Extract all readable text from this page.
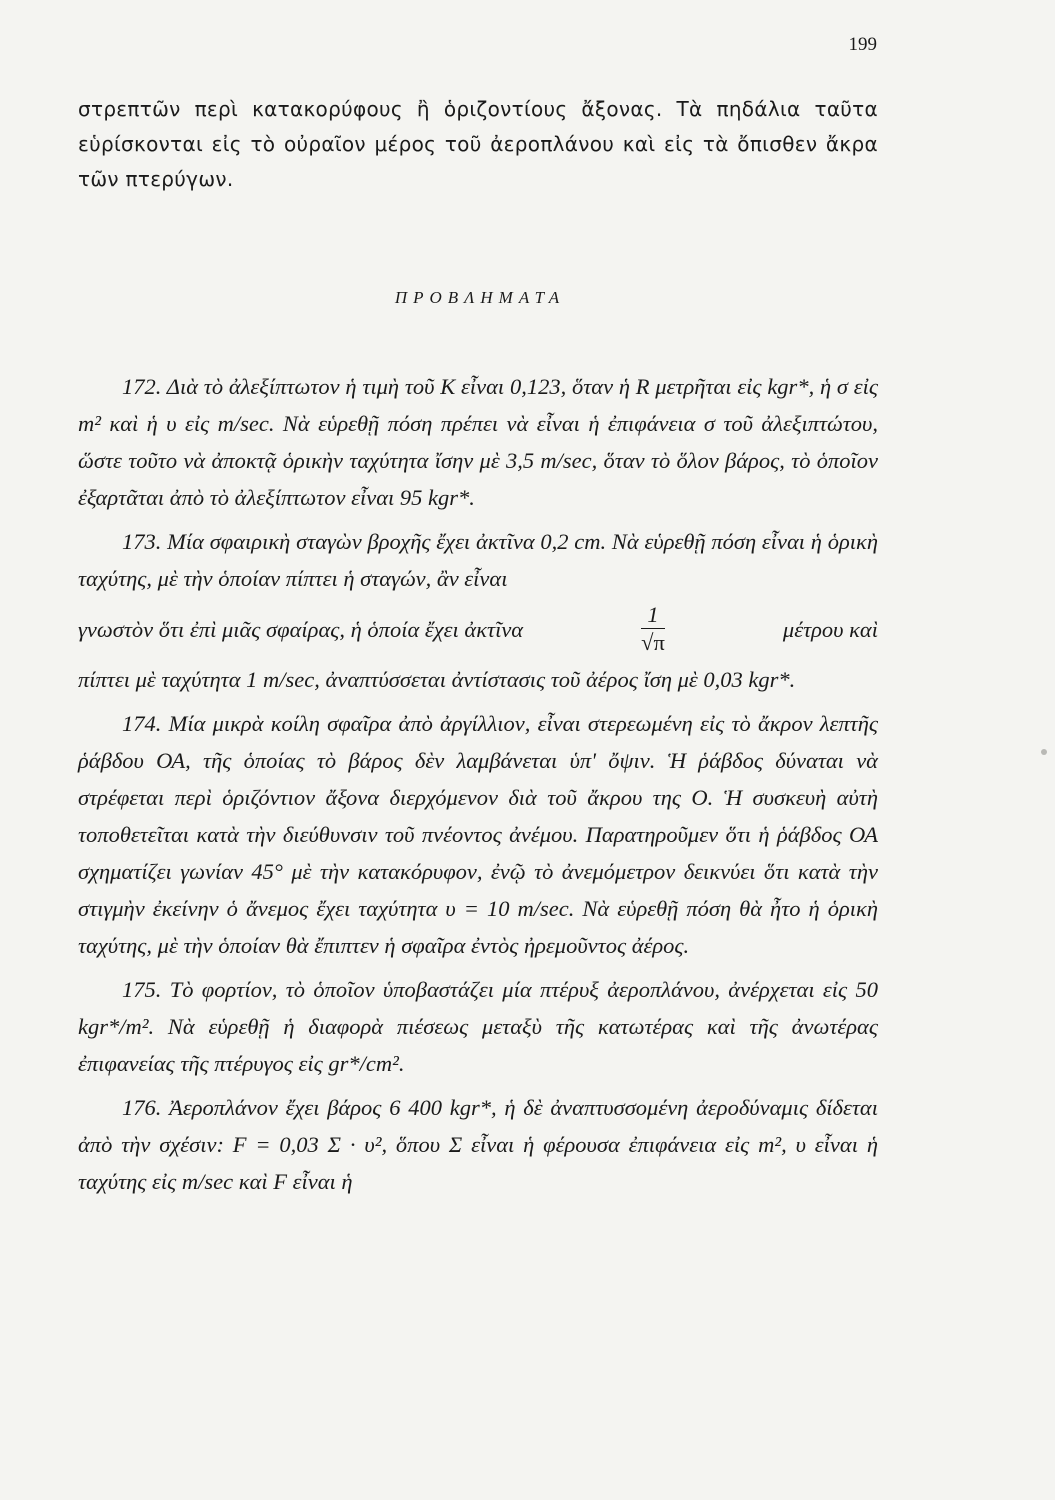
199
στρεπτῶν περὶ κατακορύφους ἢ ὁριζοντίους ἄξονας. Τὰ πηδάλια ταῦτα εὑρίσκονται εἰς τὸ οὐραῖον μέρος τοῦ ἀεροπλάνου καὶ εἰς τὰ ὄπισθεν ἄκρα τῶν πτερύγων.
ΠΡΟΒΛΗΜΑΤΑ

172. Διὰ τὸ ἀλεξίπτωτον ἡ τιμὴ τοῦ K εἶναι 0,123, ὅταν ἡ R μετρῆται εἰς kgr*, ἡ σ εἰς m² καὶ ἡ υ εἰς m/sec. Νὰ εὑρεθῇ πόση πρέπει νὰ εἶναι ἡ ἐπιφάνεια σ τοῦ ἀλεξιπτώτου, ὥστε τοῦτο νὰ ἀποκτᾷ ὁρικὴν ταχύτητα ἴσην μὲ 3,5 m/sec, ὅταν τὸ ὅλον βάρος, τὸ ὁποῖον ἐξαρτᾶται ἀπὸ τὸ ἀλεξίπτωτον εἶναι 95 kgr*.

173. Μία σφαιρικὴ σταγὼν βροχῆς ἔχει ἀκτῖνα 0,2 cm. Νὰ εὑρεθῇ πόση εἶναι ἡ ὁρικὴ ταχύτης, μὲ τὴν ὁποίαν πίπτει ἡ σταγών, ἂν εἶναι

γνωστὸν ὅτι ἐπὶ μιᾶς σφαίρας, ἡ ὁποία ἔχει ἀκτῖνα	$\frac{1}{√\pi}$	μέτρου καὶ

πίπτει μὲ ταχύτητα 1 m/sec, ἀναπτύσσεται ἀντίστασις τοῦ ἀέρος ἴση μὲ 0,03 kgr*.

174. Μία μικρὰ κοίλη σφαῖρα ἀπὸ ἀργίλλιον, εἶναι στερεωμένη εἰς τὸ ἄκρον λεπτῆς ῥάβδου ΟΑ, τῆς ὁποίας τὸ βάρος δὲν λαμβάνεται ὑπ' ὄψιν. Ἡ ῥάβδος δύναται νὰ στρέφεται περὶ ὁριζόντιον ἄξονα διερχόμενον διὰ τοῦ ἄκρου της Ο. Ἡ συσκευὴ αὐτὴ τοποθετεῖται κατὰ τὴν διεύθυνσιν τοῦ πνέοντος ἀνέμου. Παρατηροῦμεν ὅτι ἡ ῥάβδος ΟΑ σχηματίζει γωνίαν 45° μὲ τὴν κατακόρυφον, ἐνῷ τὸ ἀνεμόμετρον δεικνύει ὅτι κατὰ τὴν στιγμὴν ἐκείνην ὁ ἄνεμος ἔχει ταχύτητα υ = 10 m/sec. Νὰ εὑρεθῇ πόση θὰ ἦτο ἡ ὁρικὴ ταχύτης, μὲ τὴν ὁποίαν θὰ ἔπιπτεν ἡ σφαῖρα ἐντὸς ἠρεμοῦντος ἀέρος.

175. Τὸ φορτίον, τὸ ὁποῖον ὑποβαστάζει μία πτέρυξ ἀεροπλάνου, ἀνέρχεται εἰς 50 kgr*/m². Νὰ εὑρεθῇ ἡ διαφορὰ πιέσεως μεταξὺ τῆς κατωτέρας καὶ τῆς ἀνωτέρας ἐπιφανείας τῆς πτέρυγος εἰς gr*/cm².

176. Ἀεροπλάνον ἔχει βάρος 6 400 kgr*, ἡ δὲ ἀναπτυσσομένη ἀεροδύναμις δίδεται ἀπὸ τὴν σχέσιν: F = 0,03 Σ · υ², ὅπου Σ εἶναι ἡ φέρουσα ἐπιφάνεια εἰς m², υ εἶναι ἡ ταχύτης εἰς m/sec καὶ F εἶναι ἡ
